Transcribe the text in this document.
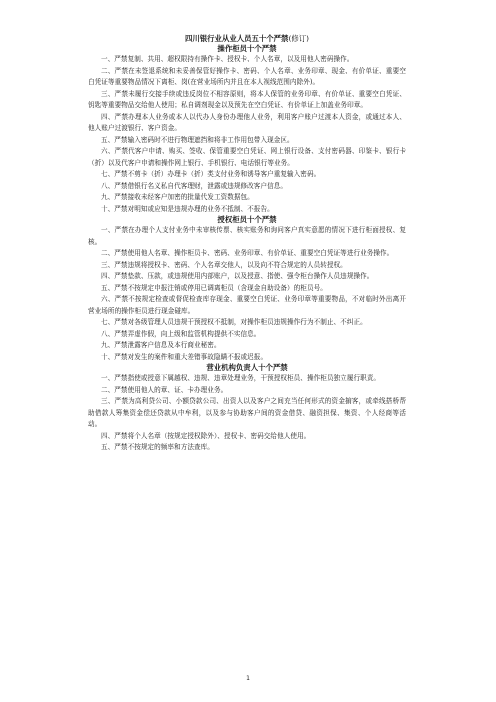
四川银行业从业人员五十个严禁(修订)

操作柜员十个严禁

一、严禁复制、共用、超权限持有操作卡、授权卡、个人名章，以及用他人密码操作。

二、严禁在未签退系统和未妥善保管好操作卡、密码、个人名章、业务印章、现金、有价单证、重要空白凭证等重要物品情况下离柜、岗(在营业场所内并且在本人视线范围内除外)。

三、严禁未履行交接手续或违反岗位不相容原则，将本人保管的业务印章、有价单证、重要空白凭证、钥匙等重要物品交给他人使用；私自调剂现金以及预先在空白凭证、有价单证上加盖业务印章。

四、严禁办理本人业务或本人以代办人身份办理他人业务，利用客户账户过渡本人资金，或通过本人、他人账户过渡银行、客户资金。

五、严禁输入密码时不进行物理遮挡和将非工作用包带入现金区。

六、严禁代客户申请、购买、签收、保管重要空白凭证、网上银行设备、支付密码器、印鉴卡、银行卡（折）以及代客户申请和操作网上银行、手机银行、电话银行等业务。

七、严禁不剪卡（折）办理卡（折）类支付业务和诱导客户重复输入密码。

八、严禁借银行名义私自代客理财，泄露或违规修改客户信息。

九、严禁接收未经客户加密的批量代发工资数据包。

十、严禁对明知或应知是违规办理的业务不抵制、不报告。

授权柜员十个严禁

一、严禁在办理个人支付业务中未审核传票、核实账务和询问客户真实意愿的情况下进行柜面授权、复核。

二、严禁使用他人名章、操作柜员卡、密码、业务印章、有价单证、重要空白凭证等进行业务操作。

三、严禁违规将授权卡、密码、个人名章交他人，以及向不符合规定的人员转授权。

四、严禁垫款、压款，或违规使用内部账户，以及授意、指使、强令柜台操作人员违规操作。

五、严禁不按规定申报注销或停用已调离柜员（含现金自助设备）的柜员号。

六、严禁不按规定检查或督促检查库存现金、重要空白凭证、业务印章等重要物品，不对临时外出离开营业场所的操作柜员进行现金碰库。

七、严禁对各级管理人员违规干预授权不抵制，对操作柜员违规操作行为不制止、不纠正。

八、严禁弄虚作假，向上级和监管机构提供不实信息。

九、严禁泄露客户信息及本行商业秘密。

十、严禁对发生的案件和重大差错事故隐瞒不报或迟报。

营业机构负责人十个严禁

一、严禁指使或授意下属越权、违规、违章处理业务，干预授权柜员、操作柜员独立履行职责。

二、严禁使用他人的章、证、卡办理业务。

三、严禁为高利贷公司、小额贷款公司、出资人以及客户之间充当任何形式的资金掮客，或牵线搭桥帮助借款人筹集资金偿还贷款从中牟利，以及参与协助客户间的资金借贷、融资担保、集资、个人经商等活动。

四、严禁将个人名章（按规定授权除外）、授权卡、密码交给他人使用。

五、严禁不按规定的频率和方法查库。

1
